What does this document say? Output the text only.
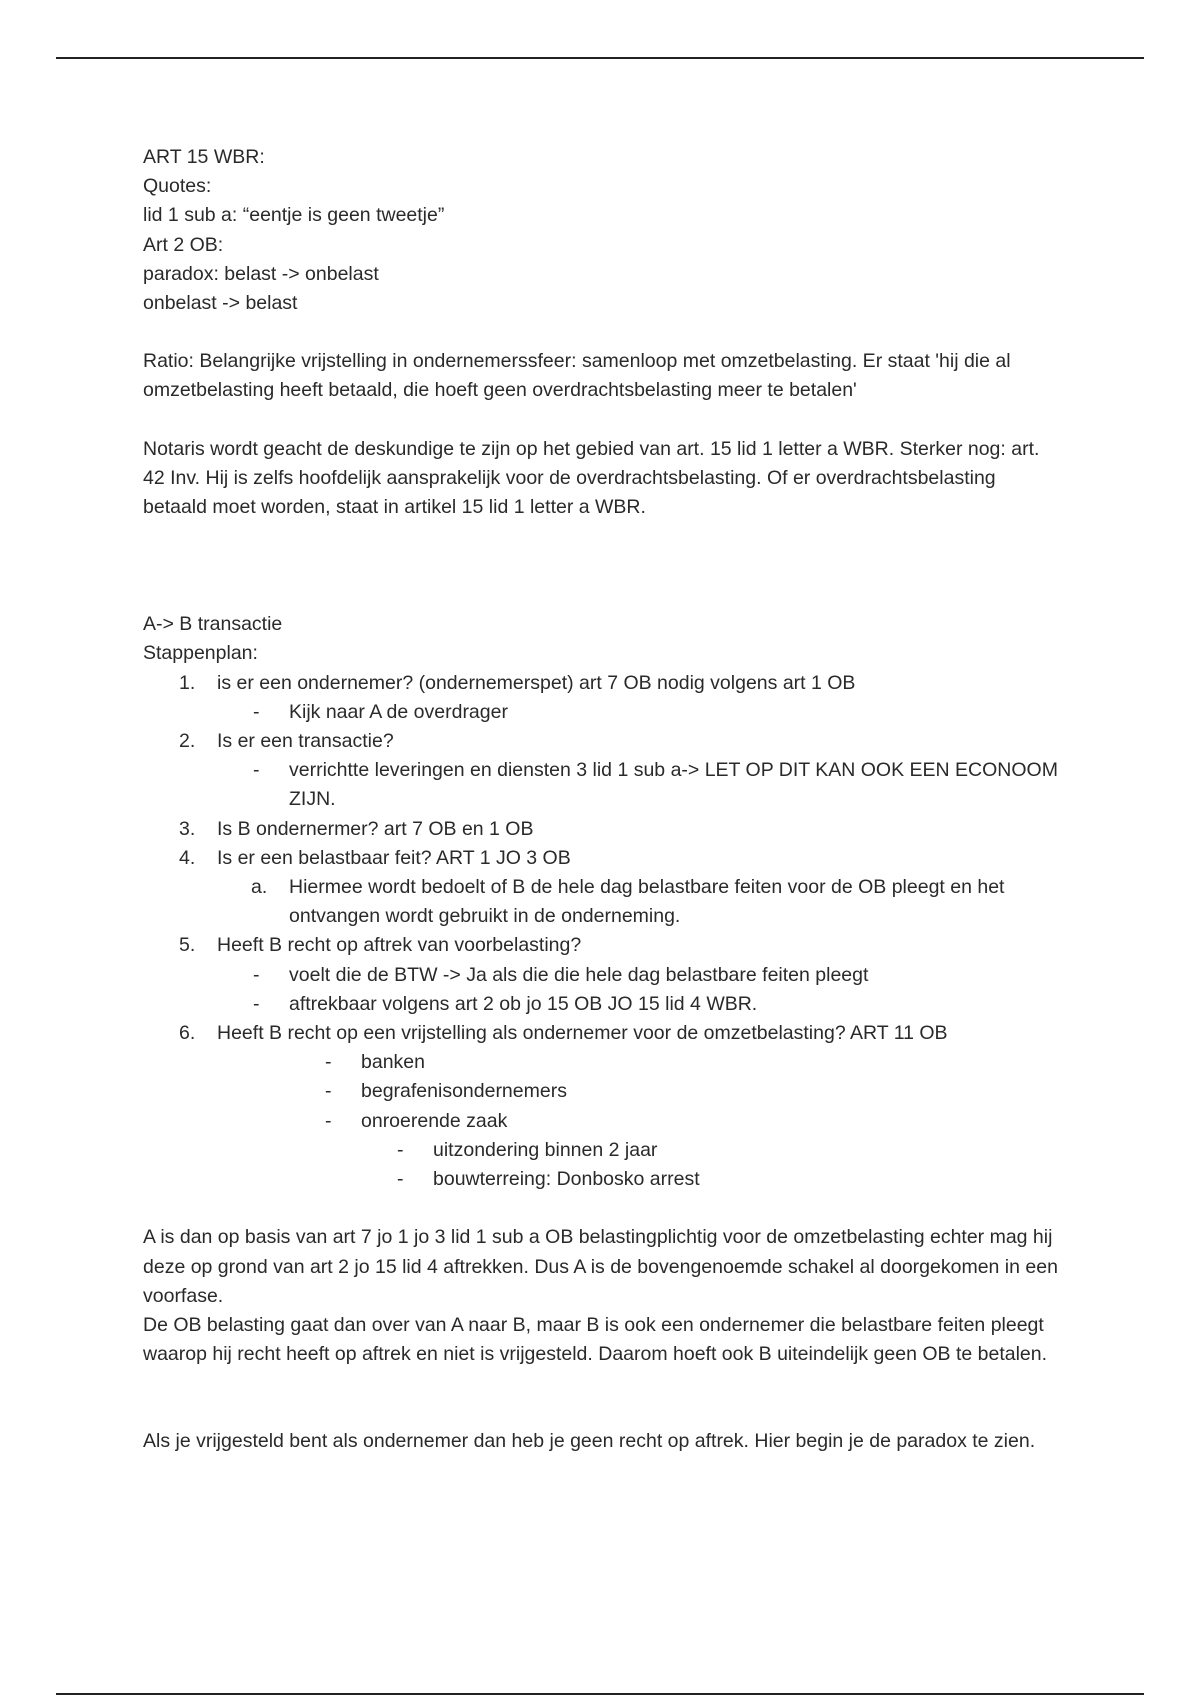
ART 15 WBR:
Quotes:
lid 1 sub a: “eentje is geen tweetje”
Art 2 OB:
paradox: belast -> onbelast
onbelast -> belast

Ratio: Belangrijke vrijstelling in ondernemerssfeer: samenloop met omzetbelasting. Er staat 'hij die al omzetbelasting heeft betaald, die hoeft geen overdrachtsbelasting meer te betalen'

Notaris wordt geacht de deskundige te zijn op het gebied van art. 15 lid 1 letter a WBR. Sterker nog: art. 42 Inv. Hij is zelfs hoofdelijk aansprakelijk voor de overdrachtsbelasting. Of er overdrachtsbelasting betaald moet worden, staat in artikel 15 lid 1 letter a WBR.

A-> B transactie
Stappenplan:
1. is er een ondernemer? (ondernemerspet) art 7 OB nodig volgens art 1 OB
- Kijk naar A de overdrager
2. Is er een transactie?
- verrichtte leveringen en diensten 3 lid 1 sub a-> LET OP DIT KAN OOK EEN ECONOOM ZIJN.
3. Is B ondernermer? art 7 OB en 1 OB
4. Is er een belastbaar feit? ART 1 JO 3 OB
a. Hiermee wordt bedoelt of B de hele dag belastbare feiten voor de OB pleegt en het ontvangen wordt gebruikt in de onderneming.
5. Heeft B recht op aftrek van voorbelasting?
- voelt die de BTW -> Ja als die die hele dag belastbare feiten pleegt
- aftrekbaar volgens art 2 ob jo 15 OB JO 15 lid 4 WBR.
6. Heeft B recht op een vrijstelling als ondernemer voor de omzetbelasting? ART 11 OB
- banken
- begrafenisondernemers
- onroerende zaak
- uitzondering binnen 2 jaar
- bouwterreing: Donbosko arrest

A is dan op basis van art 7 jo 1 jo 3 lid 1 sub a OB belastingplichtig voor de omzetbelasting echter mag hij deze op grond van art 2 jo 15 lid 4 aftrekken. Dus A is de bovengenoemde schakel al doorgekomen in een voorfase.

De OB belasting gaat dan over van A naar B, maar B is ook een ondernemer die belastbare feiten pleegt waarop hij recht heeft op aftrek en niet is vrijgesteld. Daarom hoeft ook B uiteindelijk geen OB te betalen.

Als je vrijgesteld bent als ondernemer dan heb je geen recht op aftrek. Hier begin je de paradox te zien.
